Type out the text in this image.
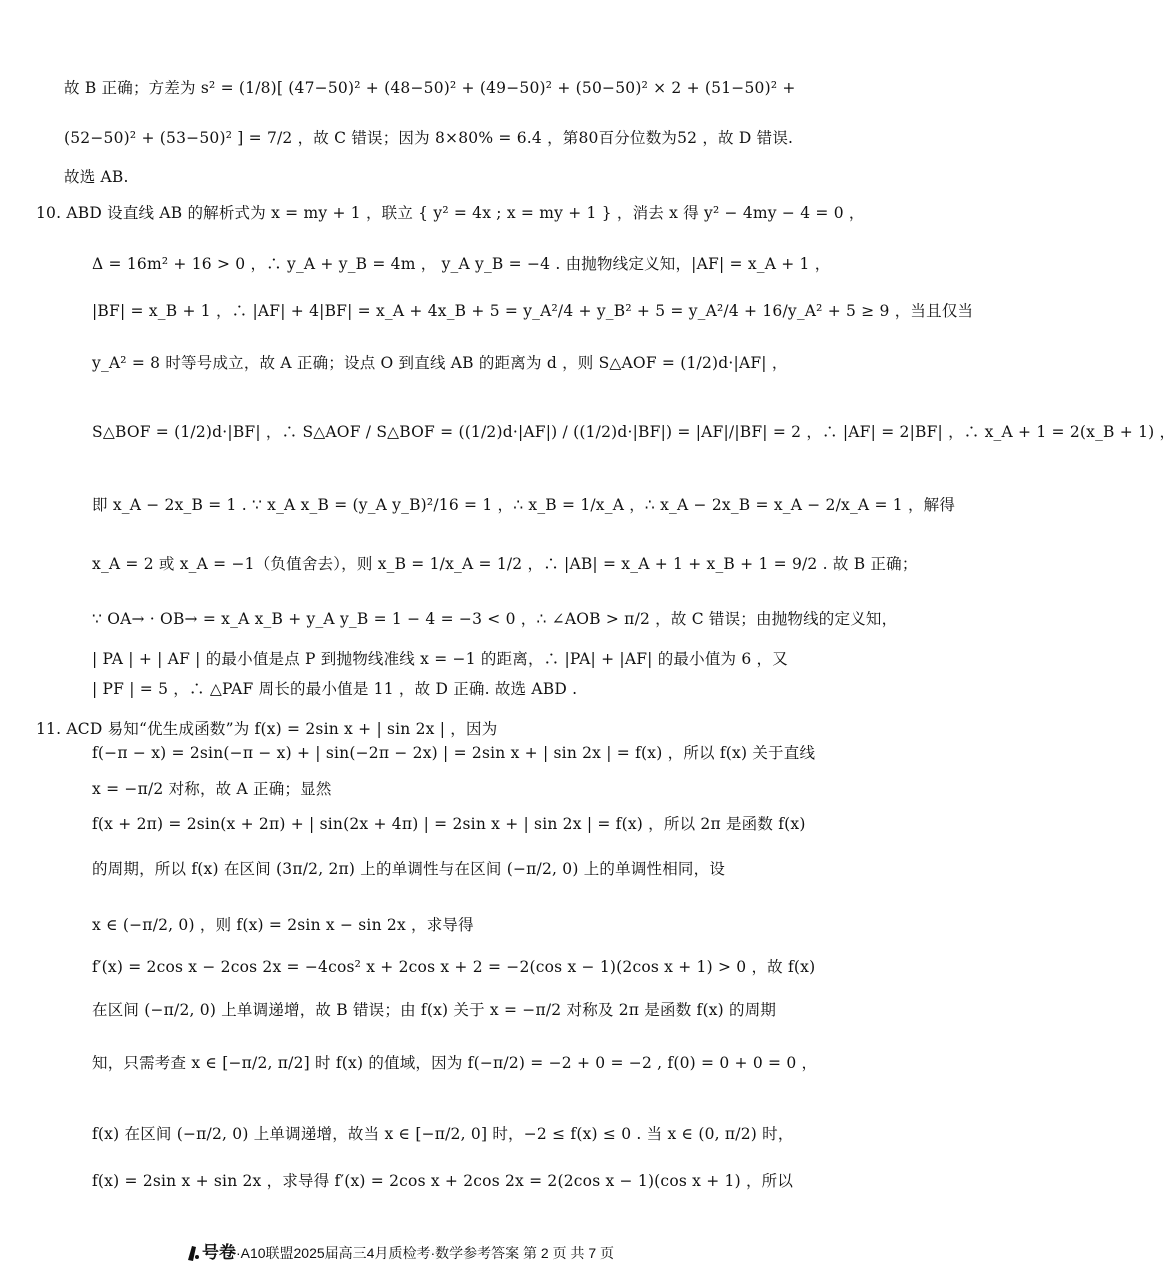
故 B 正确；方差为 s² = (1/8)[ (47−50)² + (48−50)² + (49−50)² + (50−50)² × 2 + (51−50)² +
(52−50)² + (53−50)² ] = 7/2 ，故 C 错误；因为 8×80% = 6.4 ，第80百分位数为52 ，故 D 错误.
故选 AB.
10. ABD 设直线 AB 的解析式为 x = my + 1 ，联立 { y² = 4x ; x = my + 1 } ，消去 x 得 y² − 4my − 4 = 0 ，
Δ = 16m² + 16 > 0 ，∴ y_A + y_B = 4m ， y_A y_B = −4 . 由抛物线定义知，|AF| = x_A + 1 ，
|BF| = x_B + 1 ，∴ |AF| + 4|BF| = x_A + 4x_B + 5 = y_A²/4 + y_B² + 5 = y_A²/4 + 16/y_A² + 5 ≥ 9 ，当且仅当
y_A² = 8 时等号成立，故 A 正确；设点 O 到直线 AB 的距离为 d ，则 S△AOF = (1/2)d·|AF| ，
S△BOF = (1/2)d·|BF| ，∴ S△AOF / S△BOF = ((1/2)d·|AF|) / ((1/2)d·|BF|) = |AF|/|BF| = 2 ，∴ |AF| = 2|BF| ，∴ x_A + 1 = 2(x_B + 1) ，
即 x_A − 2x_B = 1 . ∵ x_A x_B = (y_A y_B)²/16 = 1 ，∴ x_B = 1/x_A ，∴ x_A − 2x_B = x_A − 2/x_A = 1 ，解得
x_A = 2 或 x_A = −1（负值舍去），则 x_B = 1/x_A = 1/2 ，∴ |AB| = x_A + 1 + x_B + 1 = 9/2 . 故 B 正确；
∵ OA→ · OB→ = x_A x_B + y_A y_B = 1 − 4 = −3 < 0 ，∴ ∠AOB > π/2 ，故 C 错误；由抛物线的定义知，
| PA | + | AF | 的最小值是点 P 到抛物线准线 x = −1 的距离，∴ |PA| + |AF| 的最小值为 6 ，又
| PF | = 5 ，∴ △PAF 周长的最小值是 11 ，故 D 正确. 故选 ABD .
11. ACD 易知“优生成函数”为 f(x) = 2sin x + | sin 2x | ，因为
f(−π − x) = 2sin(−π − x) + | sin(−2π − 2x) | = 2sin x + | sin 2x | = f(x) ，所以 f(x) 关于直线
x = −π/2 对称，故 A 正确；显然
f(x + 2π) = 2sin(x + 2π) + | sin(2x + 4π) | = 2sin x + | sin 2x | = f(x) ，所以 2π 是函数 f(x)
的周期，所以 f(x) 在区间 (3π/2, 2π) 上的单调性与在区间 (−π/2, 0) 上的单调性相同，设
x ∈ (−π/2, 0) ，则 f(x) = 2sin x − sin 2x ，求导得
f′(x) = 2cos x − 2cos 2x = −4cos² x + 2cos x + 2 = −2(cos x − 1)(2cos x + 1) > 0 ，故 f(x)
在区间 (−π/2, 0) 上单调递增，故 B 错误；由 f(x) 关于 x = −π/2 对称及 2π 是函数 f(x) 的周期
知，只需考查 x ∈ [−π/2, π/2] 时 f(x) 的值域，因为 f(−π/2) = −2 + 0 = −2 , f(0) = 0 + 0 = 0 ，
f(x) 在区间 (−π/2, 0) 上单调递增，故当 x ∈ [−π/2, 0] 时，−2 ≤ f(x) ≤ 0 . 当 x ∈ (0, π/2) 时，
f(x) = 2sin x + sin 2x ，求导得 f′(x) = 2cos x + 2cos 2x = 2(2cos x − 1)(cos x + 1) ，所以
号卷·A10联盟2025届高三4月质检考·数学参考答案 第 2 页 共 7 页
